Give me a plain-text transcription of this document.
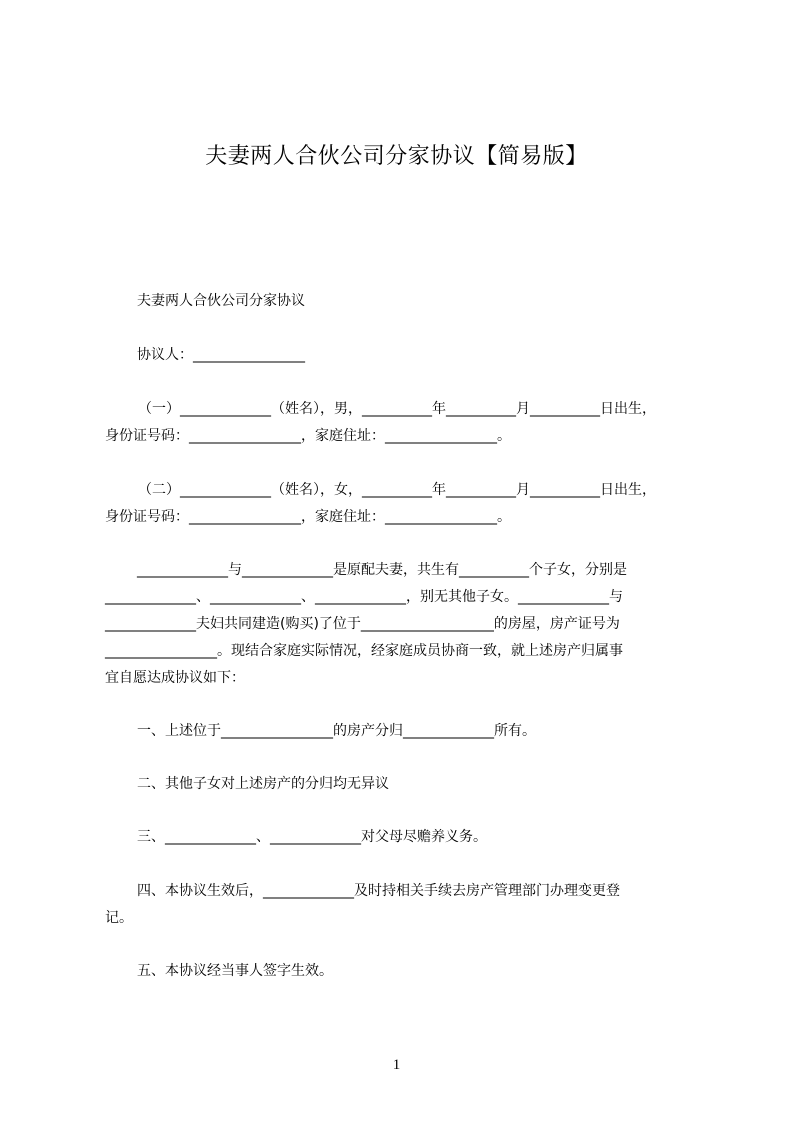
夫妻两人合伙公司分家协议【简易版】
夫妻两人合伙公司分家协议
协议人：________________
（一）_____________（姓名），男，__________年__________月__________日出生，
身份证号码：________________，家庭住址：________________。
（二）_____________（姓名），女，__________年__________月__________日出生，
身份证号码：________________，家庭住址：________________。
_____________与_____________是原配夫妻，共生有__________个子女，分别是
_____________、_____________、_____________，别无其他子女。_____________与
_____________夫妇共同建造(购买)了位于___________________的房屋，房产证号为
________________。现结合家庭实际情况，经家庭成员协商一致，就上述房产归属事
宜自愿达成协议如下：
一、上述位于________________的房产分归_____________所有。
二、其他子女对上述房产的分归均无异议
三、_____________、_____________对父母尽赡养义务。
四、本协议生效后，_____________及时持相关手续去房产管理部门办理变更登
记。
五、本协议经当事人签字生效。
1
